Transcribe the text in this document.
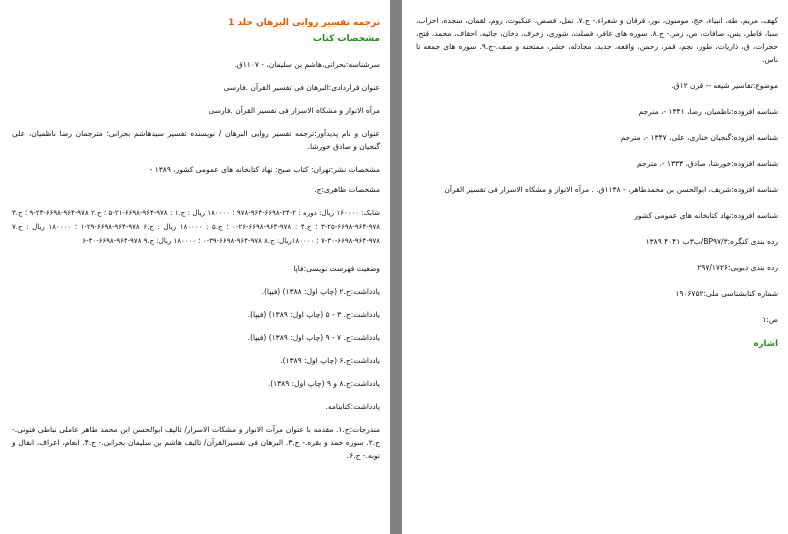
ترجمه تفسیر روایی البرهان جلد 1
مشخصات کتاب
سرشناسه:بحرانی،هاشم بن سلیمان، - ۱۱۰۷ق.
عنوان قراردادی:البرهان فی تفسیر القرآن .فارسی
مرآه الانوار و مشکاه الاسرار فی تفسیر القرآن .فارسی
عنوان و نام پدیدآور:ترجمه تفسیر روایی البرهان / نویسنده تفسیر سیدهاشم بحرانی؛ مترجمان رضا ناظمیان، علی گنجیان و صادق خورشا.
مشخصات نشر:تهران: کتاب صبح: نهاد کتابخانه های عمومی کشور، ۱۳۸۹ -
مشخصات ظاهری:ج.
شابک: ۱۶۰۰۰۰ ریال: دوره : ۲-۲۴-۶۶۹۸-۹۶۴-۹۷۸ ؛ ۱۸۰۰۰۰ ریال : ج.۱ : ۹۷۸-۹۶۴-۶۶۹۸-۲۱-۵ ؛ ج.۲ ۹۷۸-۹۶۴-۶۶۹۸-۲۳-۹ ؛ ج.۳ ۹۷۸-۹۶۴-۶۶۹۸-۲۵-۳ ؛ ج.۴ : ۹۷۸-۹۶۴-۶۶۹۸-۲۶-۰ ؛ ج.۵ : ۱۸۰۰۰۰ ریال : ج.۶ ۹۷۸-۹۶۴-۶۶۹۸-۲۹-۱ ؛ ۱۸۰۰۰۰ ریال : ج.۷ ۹۷۸-۹۶۴-۶۶۹۸-۳۰-۷ ؛ ۱۸۰۰۰۰ریال: ج.۸ ۹۷۸-۹۶۴-۶۶۹۸-۳۹-۰ ؛ ۱۸۰۰۰۰ ریال: ج.۹ ۹۷۸-۹۶۴-۶۶۹۸-۴۰-۶
وضعیت فهرست نویسی:فاپا
یادداشت:ج.۲ (چاپ اول: ۱۳۸۸) (فیپا).
یادداشت:ج. ۳ - ۵ (چاپ اول: ۱۳۸۹) (فیپا).
یادداشت:ج. ۷ - ۹ (چاپ اول: ۱۳۸۹) (فیپا).
یادداشت:ج.۶ (چاپ اول: ۱۳۸۹).
یادداشت:ج.۸ و ۹ (چاپ اول: ۱۳۸۹).
یادداشت:کتابنامه.
مندرجات:ج.۱. مقدمه با عنوان مرآت الانوار و مشکات الاسرار/ تالیف ابوالحسن ابن محمد طاهر عاملی نباطی فتونی.- ج.۲. سوره حمد و بقره.- ج.۳. البرهان فی تفسیرالقرآن/ تالیف هاشم بن سلیمان بحرانی.- ج.۴. انعام، اعراف، انفال و توبه.- ج.۶.
کهف، مریم، طه، انبیاء، حج، مومنون، نور، فرقان و شعراء.- ج.۷. نمل، قصص، عنکبوت، روم، لقمان، سجده، احزاب، سبا، فاطر، یس، صافات، ص، زمر.- ج.۸. سوره های غافر، فصلت، شوری، زخرف، دخان، جاثیه، احقاف، محمد، فتح، حجرات، ق، ذاریات، طور، نجم، قمر، رحمن، واقعه، حدید، مجادله، حشر، ممتحنه و صف.-ج.۹. سوره های جمعه تا ناس.
موضوع:تفاسیر شیعه -- قرن ۱۲ق.
شناسه افزوده:ناظمیان، رضا، ۱۳۴۱ -، مترجم
شناسه افزوده:گنجیان خناری، علی، ۱۳۴۷ -، مترجم
شناسه افزوده:خورشا، صادق، ۱۳۳۳ -، مترجم
شناسه افزوده:شریف، ابوالحسن بن محمدطاهر، - ۱۱۳۸ق. . مرآه الانوار و مشکاه الاسرار فی تفسیر القرآن
شناسه افزوده:نهاد کتابخانه های عمومی کشور
رده بندی کنگره:BP۹۷/۳/ب۳ب ۴۰۴۱ ۱۳۸۹
رده بندی دیویی:۲۹۷/۱۷۲۶
شماره کتابشناسی ملی:۱۹۰۶۷۵۲
ص:۱
اشاره
